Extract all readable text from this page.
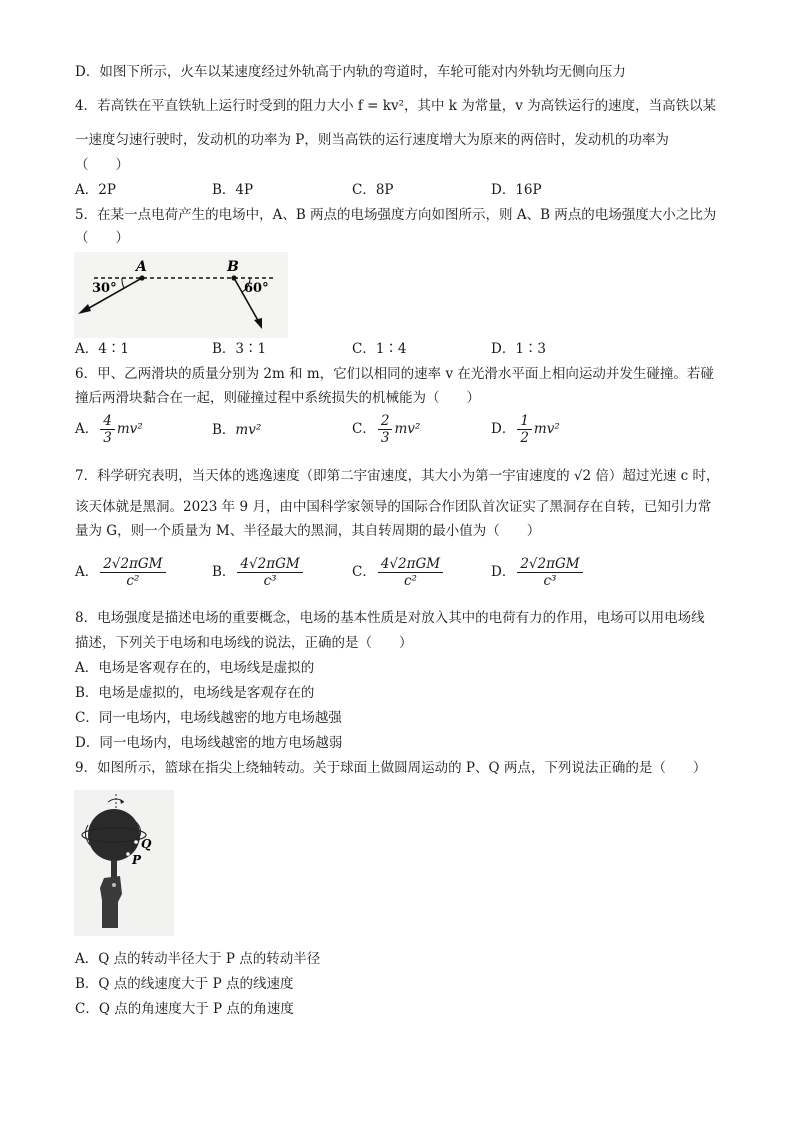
D．如图下所示，火车以某速度经过外轨高于内轨的弯道时，车轮可能对内外轨均无侧向压力
4．若高铁在平直铁轨上运行时受到的阻力大小 f = kv²，其中 k 为常量，v 为高铁运行的速度，当高铁以某
一速度匀速行驶时，发动机的功率为 P，则当高铁的运行速度增大为原来的两倍时，发动机的功率为
（　　）
A．2P	B．4P	C．8P	D．16P
5．在某一点电荷产生的电场中，A、B 两点的电场强度方向如图所示，则 A、B 两点的电场强度大小之比为
（　　）
A	B
30°	60°
A．4∶1	B．3∶1	C．1∶4	D．1∶3
6．甲、乙两滑块的质量分别为 2m 和 m，它们以相同的速率 v 在光滑水平面上相向运动并发生碰撞。若碰
撞后两滑块黏合在一起，则碰撞过程中系统损失的机械能为（　　）
A． $\frac{4}{3} mv^2$	B．mv²	C． $\frac{2}{3} mv^2$	D． $\frac{1}{2} mv^2$
7．科学研究表明，当天体的逃逸速度（即第二宇宙速度，其大小为第一宇宙速度的 √2 倍）超过光速 c 时，
该天体就是黑洞。2023 年 9 月，由中国科学家领导的国际合作团队首次证实了黑洞存在自转，已知引力常
量为 G，则一个质量为 M、半径最大的黑洞，其自转周期的最小值为（　　）
A． $\frac{\text{2√2πGM}}{\text{c²}}$	B． $\frac{\text{4√2πGM}}{\text{c³}}$	C． $\frac{\text{4√2πGM}}{\text{c²}}$	D． $\frac{\text{2√2πGM}}{\text{c³}}$
8．电场强度是描述电场的重要概念，电场的基本性质是对放入其中的电荷有力的作用，电场可以用电场线
描述，下列关于电场和电场线的说法，正确的是（　　）
A．电场是客观存在的，电场线是虚拟的
B．电场是虚拟的，电场线是客观存在的
C．同一电场内，电场线越密的地方电场越强
D．同一电场内，电场线越密的地方电场越弱
9．如图所示，篮球在指尖上绕轴转动。关于球面上做圆周运动的 P、Q 两点，下列说法正确的是（　　）
Q
P
A．Q 点的转动半径大于 P 点的转动半径
B．Q 点的线速度大于 P 点的线速度
C．Q 点的角速度大于 P 点的角速度
